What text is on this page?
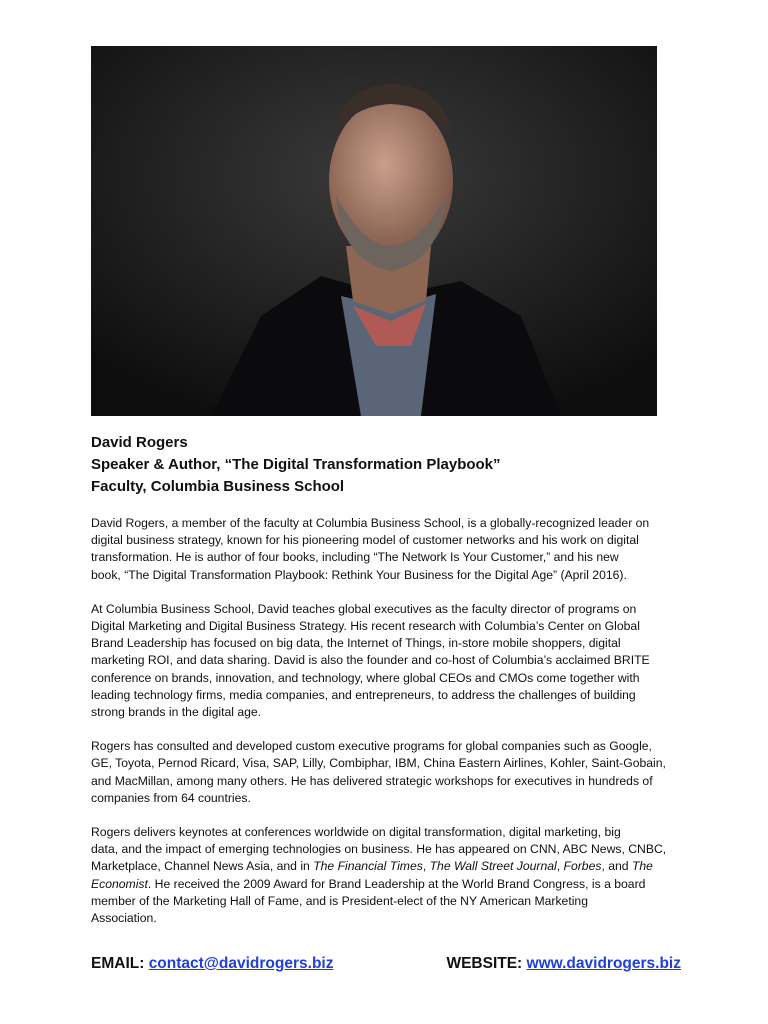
David Rogers
Speaker & Author, “The Digital Transformation Playbook”
Faculty, Columbia Business School

David Rogers, a member of the faculty at Columbia Business School, is a globally-recognized leader on
digital business strategy, known for his pioneering model of customer networks and his work on digital
transformation. He is author of four books, including “The Network Is Your Customer,” and his new
book, “The Digital Transformation Playbook: Rethink Your Business for the Digital Age” (April 2016).

At Columbia Business School, David teaches global executives as the faculty director of programs on
Digital Marketing and Digital Business Strategy. His recent research with Columbia’s Center on Global
Brand Leadership has focused on big data, the Internet of Things, in-store mobile shoppers, digital
marketing ROI, and data sharing. David is also the founder and co-host of Columbia’s acclaimed BRITE
conference on brands, innovation, and technology, where global CEOs and CMOs come together with
leading technology firms, media companies, and entrepreneurs, to address the challenges of building
strong brands in the digital age.

Rogers has consulted and developed custom executive programs for global companies such as Google,
GE, Toyota, Pernod Ricard, Visa, SAP, Lilly, Combiphar, IBM, China Eastern Airlines, Kohler, Saint-Gobain,
and MacMillan, among many others. He has delivered strategic workshops for executives in hundreds of
companies from 64 countries.

Rogers delivers keynotes at conferences worldwide on digital transformation, digital marketing, big
data, and the impact of emerging technologies on business. He has appeared on CNN, ABC News, CNBC,
Marketplace, Channel News Asia, and in The Financial Times, The Wall Street Journal, Forbes, and The
Economist. He received the 2009 Award for Brand Leadership at the World Brand Congress, is a board
member of the Marketing Hall of Fame, and is President-elect of the NY American Marketing
Association.

EMAIL: contact@davidrogers.biz	WEBSITE: www.davidrogers.biz
